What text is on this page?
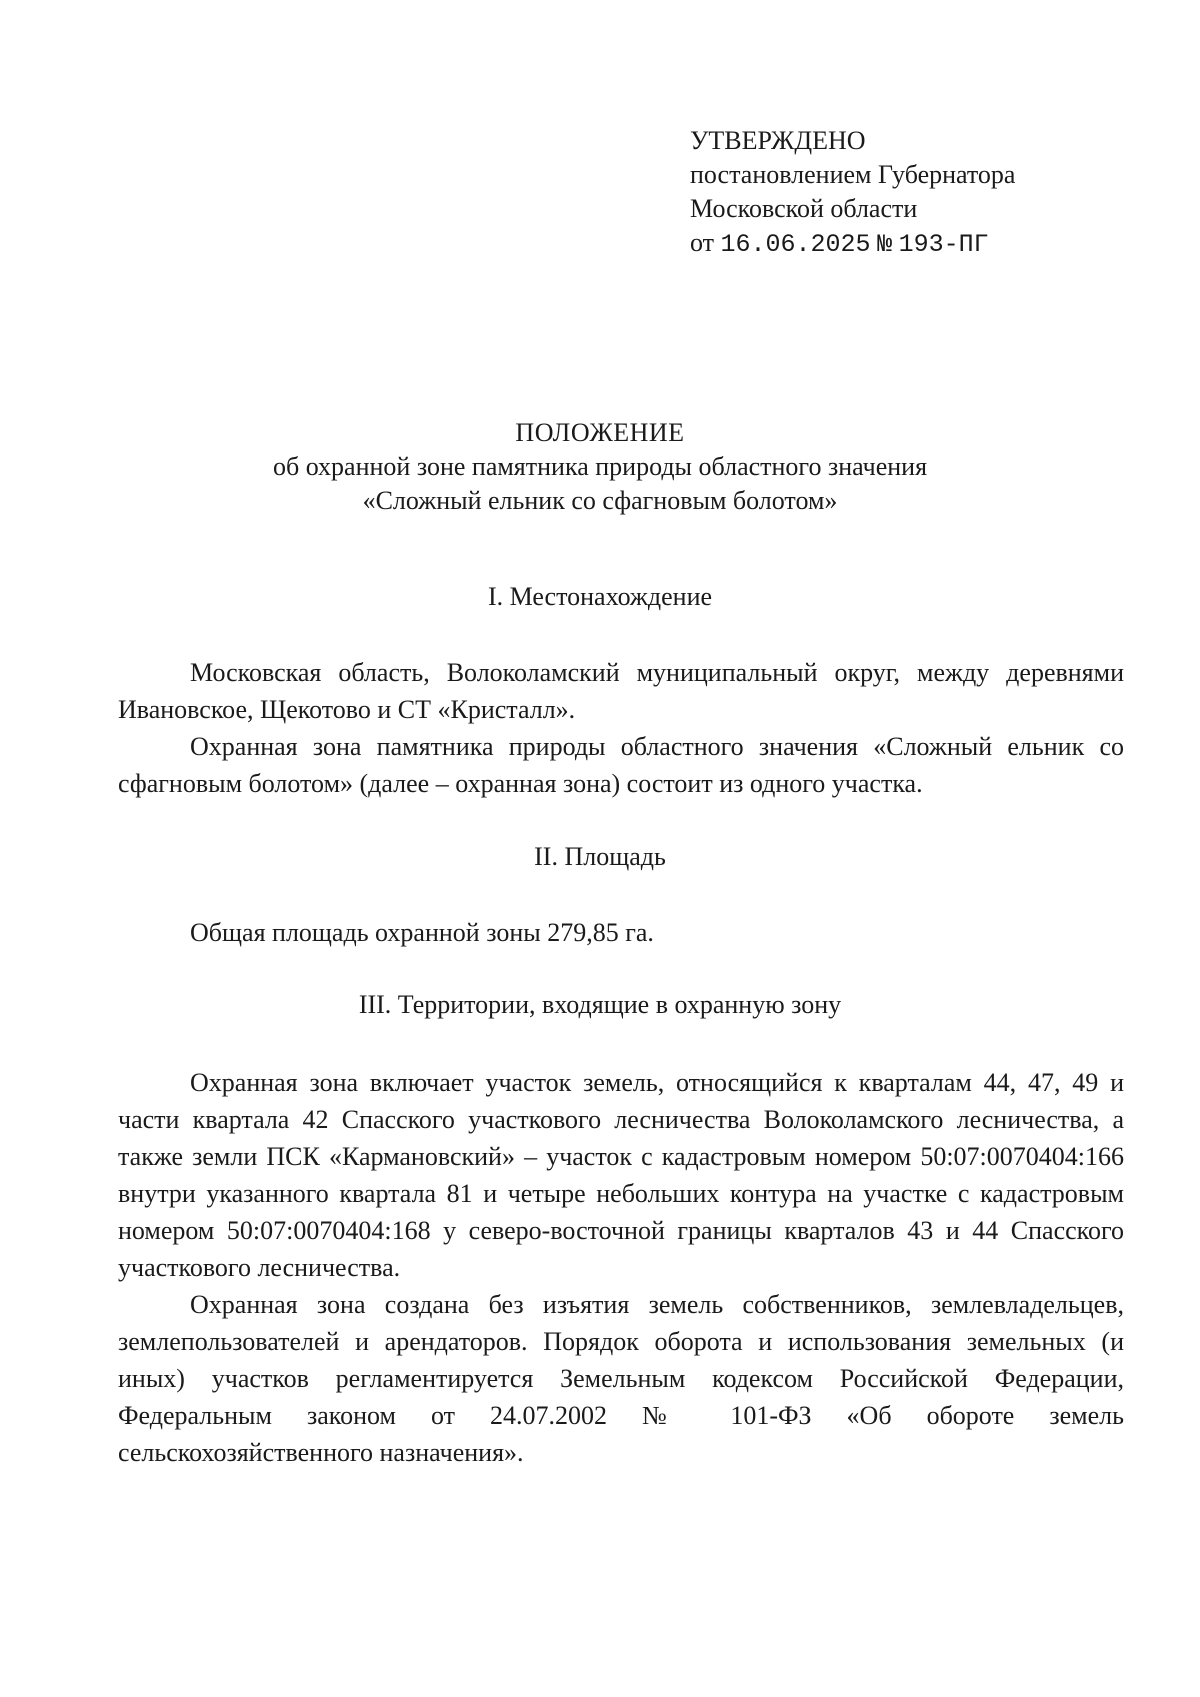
УТВЕРЖДЕНО
постановлением Губернатора
Московской области
от 16.06.2025 № 193-ПГ
ПОЛОЖЕНИЕ
об охранной зоне памятника природы областного значения
«Сложный ельник со сфагновым болотом»
I. Местонахождение
Московская область, Волоколамский муниципальный округ, между деревнями Ивановское, Щекотово и СТ «Кристалл».
Охранная зона памятника природы областного значения «Сложный ельник со сфагновым болотом» (далее – охранная зона) состоит из одного участка.
II. Площадь
Общая площадь охранной зоны 279,85 га.
III. Территории, входящие в охранную зону
Охранная зона включает участок земель, относящийся к кварталам 44, 47, 49 и части квартала 42 Спасского участкового лесничества Волоколамского лесничества, а также земли ПСК «Кармановский» – участок с кадастровым номером 50:07:0070404:166 внутри указанного квартала 81 и четыре небольших контура на участке с кадастровым номером 50:07:0070404:168 у северо-восточной границы кварталов 43 и 44 Спасского участкового лесничества.
Охранная зона создана без изъятия земель собственников, землевладельцев, землепользователей и арендаторов. Порядок оборота и использования земельных (и иных) участков регламентируется Земельным кодексом Российской Федерации, Федеральным законом от 24.07.2002 № 101-ФЗ «Об обороте земель сельскохозяйственного назначения».
